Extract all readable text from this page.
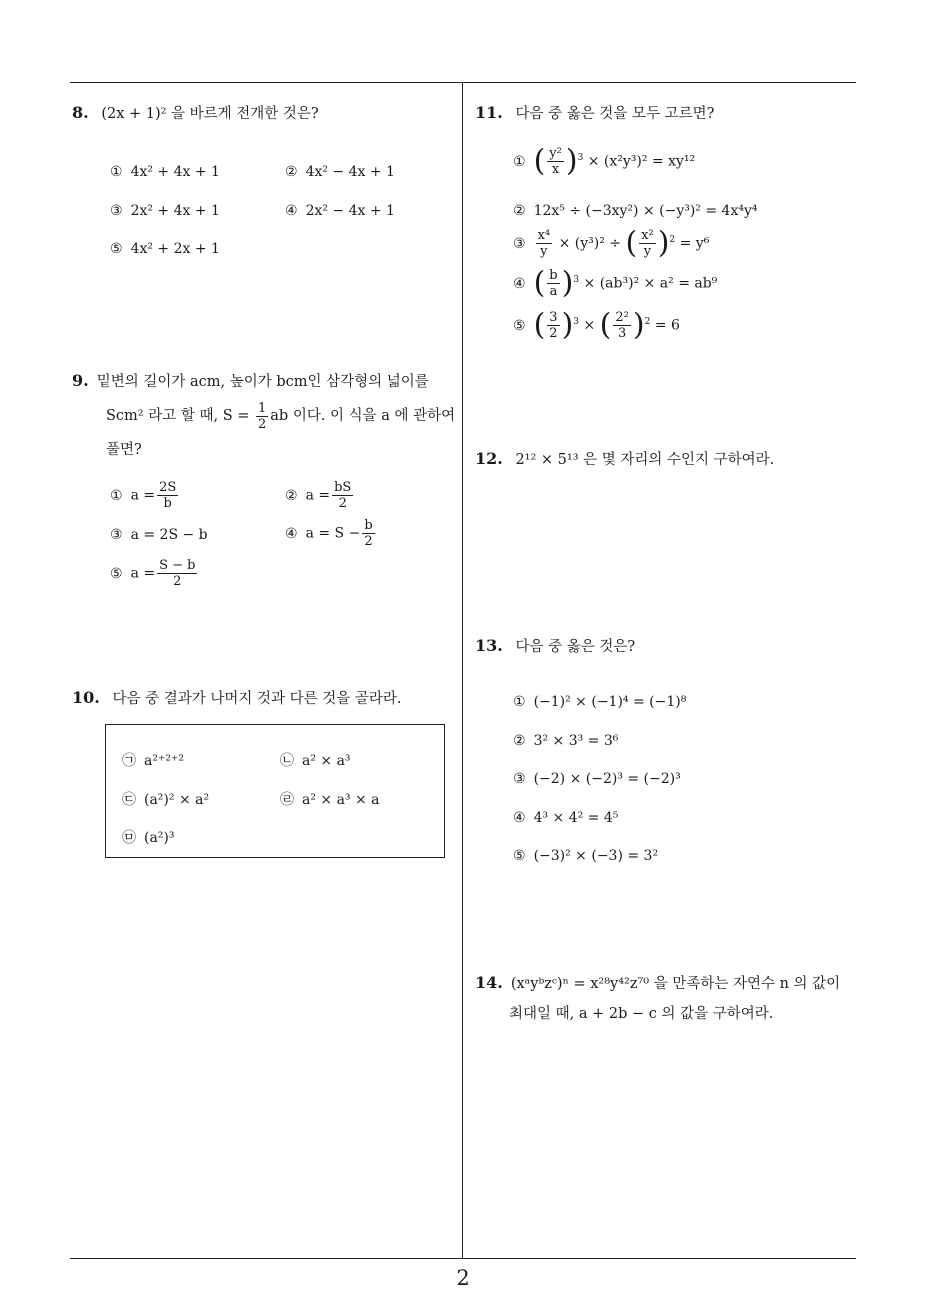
8. (2x + 1)² 을 바르게 전개한 것은?
① 4x² + 4x + 1	② 4x² − 4x + 1
③ 2x² + 4x + 1	④ 2x² − 4x + 1
⑤ 4x² + 2x + 1
9. 밑변의 길이가 acm, 높이가 bcm인 삼각형의 넓이를
Scm² 라고 할 때, $S = \frac{1}{2}$ ab 이다. 이 식을 a 에 관하여
풀면?
① $a = \frac{2S}{b}$	② $a = \frac{bS}{2}$
③ a = 2S − b	④ $a = S - \frac{b}{2}$
⑤ $a = \frac{S - b}{2}$
10. 다음 중 결과가 나머지 것과 다른 것을 골라라.
㉠ a²⁺²⁺²	㉡ a² × a³
㉢ (a²)² × a²	㉣ a² × a³ × a
㉤ (a²)³
11. 다음 중 옳은 것을 모두 고르면?
① ( $\frac{\text{y²}}{x} )^3 \times (x^2y^3)^2 = xy^{12}$
② 12x⁵ ÷ (−3xy²) × (−y³)² = 4x⁴y⁴
③ $\frac{\text{x⁴}}{y} \times (y^3)^2$ ÷ ( $\frac{\text{x²}}{y} )^2 = y^6$
④ ( $\frac{b}{a} )^3 \times (ab^3)^2 \times a^2 = ab^9$
⑤ ( $\frac{3}{2} )^3$ × ( $\frac{\text{2²}}{3} )^2 = 6$
12. 2¹² × 5¹³ 은 몇 자리의 수인지 구하여라.
13. 다음 중 옳은 것은?
① (−1)² × (−1)⁴ = (−1)⁸
② 3² × 3³ = 3⁶
③ (−2) × (−2)³ = (−2)³
④ 4³ × 4² = 4⁵
⑤ (−3)² × (−3) = 3²
14. (xᵃyᵇzᶜ)ⁿ = x²⁸y⁴²z⁷⁰ 을 만족하는 자연수 n 의 값이
최대일 때, a + 2b − c 의 값을 구하여라.
2
